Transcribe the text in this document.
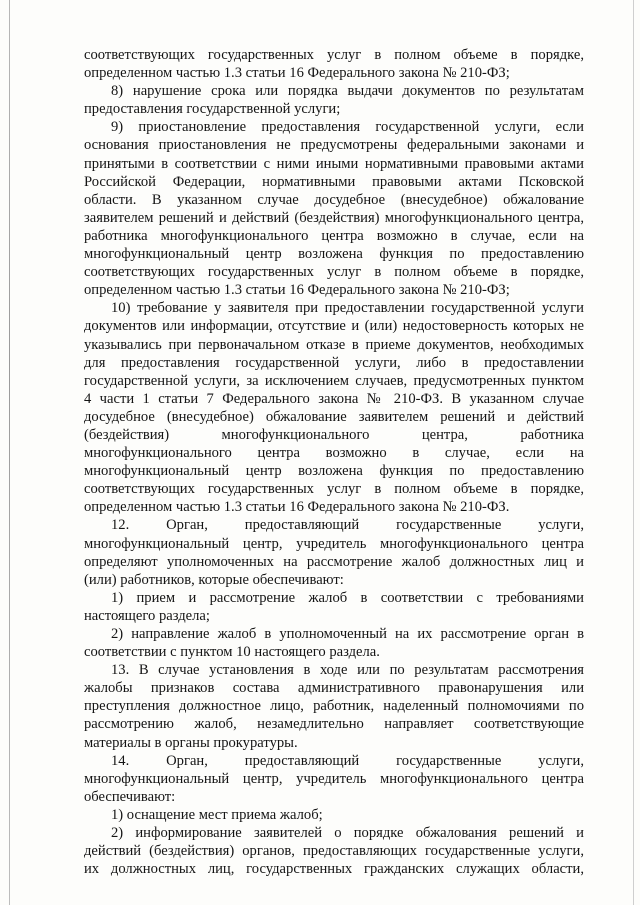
соответствующих государственных услуг в полном объеме в порядке,
определенном частью 1.3 статьи 16 Федерального закона № 210-ФЗ;
8) нарушение срока или порядка выдачи документов по результатам
предоставления государственной услуги;
9) приостановление предоставления государственной услуги, если
основания приостановления не предусмотрены федеральными законами и
принятыми в соответствии с ними иными нормативными правовыми актами
Российской Федерации, нормативными правовыми актами Псковской
области. В указанном случае досудебное (внесудебное) обжалование
заявителем решений и действий (бездействия) многофункционального центра,
работника многофункционального центра возможно в случае, если на
многофункциональный центр возложена функция по предоставлению
соответствующих государственных услуг в полном объеме в порядке,
определенном частью 1.3 статьи 16 Федерального закона № 210-ФЗ;
10) требование у заявителя при предоставлении государственной услуги
документов или информации, отсутствие и (или) недостоверность которых не
указывались при первоначальном отказе в приеме документов, необходимых
для предоставления государственной услуги, либо в предоставлении
государственной услуги, за исключением случаев, предусмотренных пунктом
4 части 1 статьи 7 Федерального закона № 210-ФЗ. В указанном случае
досудебное (внесудебное) обжалование заявителем решений и действий
(бездействия) многофункционального центра, работника
многофункционального центра возможно в случае, если на
многофункциональный центр возложена функция по предоставлению
соответствующих государственных услуг в полном объеме в порядке,
определенном частью 1.3 статьи 16 Федерального закона № 210-ФЗ.
12. Орган, предоставляющий государственные услуги,
многофункциональный центр, учредитель многофункционального центра
определяют уполномоченных на рассмотрение жалоб должностных лиц и
(или) работников, которые обеспечивают:
1) прием и рассмотрение жалоб в соответствии с требованиями
настоящего раздела;
2) направление жалоб в уполномоченный на их рассмотрение орган в
соответствии с пунктом 10 настоящего раздела.
13. В случае установления в ходе или по результатам рассмотрения
жалобы признаков состава административного правонарушения или
преступления должностное лицо, работник, наделенный полномочиями по
рассмотрению жалоб, незамедлительно направляет соответствующие
материалы в органы прокуратуры.
14. Орган, предоставляющий государственные услуги,
многофункциональный центр, учредитель многофункционального центра
обеспечивают:
1) оснащение мест приема жалоб;
2) информирование заявителей о порядке обжалования решений и
действий (бездействия) органов, предоставляющих государственные услуги,
их должностных лиц, государственных гражданских служащих области,
